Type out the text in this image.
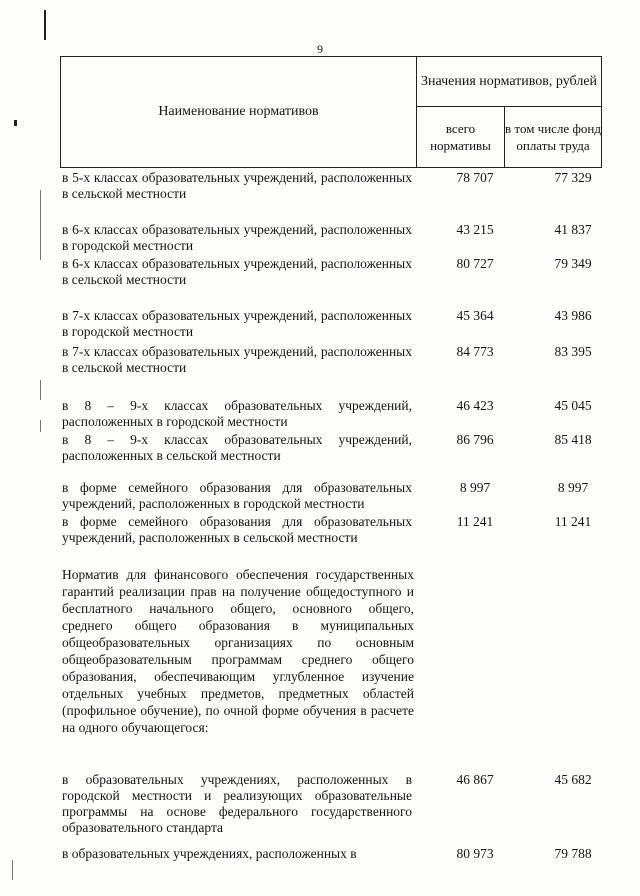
9
Наименование нормативов
Значения нормативов, рублей
всего нормативы
в том числе фонд оплаты труда
в 5-х классах образовательных учреждений, расположенных в сельской местности
78 707	77 329
в 6-х классах образовательных учреждений, расположенных в городской местности
43 215	41 837
в 6-х классах образовательных учреждений, расположенных в сельской местности
80 727	79 349
в 7-х классах образовательных учреждений, расположенных в городской местности
45 364	43 986
в 7-х классах образовательных учреждений, расположенных в сельской местности
84 773	83 395
в 8 – 9-х классах образовательных учреждений, расположенных в городской местности
46 423	45 045
в 8 – 9-х классах образовательных учреждений, расположенных в сельской местности
86 796	85 418
в форме семейного образования для образовательных учреждений, расположенных в городской местности
8 997	8 997
в форме семейного образования для образовательных учреждений, расположенных в сельской местности
11 241	11 241
Норматив для финансового обеспечения государственных гарантий реализации прав на получение общедоступного и бесплатного начального общего, основного общего, среднего общего образования в муниципальных общеобразовательных организациях по основным общеобразовательным программам среднего общего образования, обеспечивающим углубленное изучение отдельных учебных предметов, предметных областей (профильное обучение), по очной форме обучения в расчете на одного обучающегося:
в образовательных учреждениях, расположенных в городской местности и реализующих образовательные программы на основе федерального государственного образовательного стандарта
46 867	45 682
в образовательных учреждениях, расположенных в	80 973	79 788
